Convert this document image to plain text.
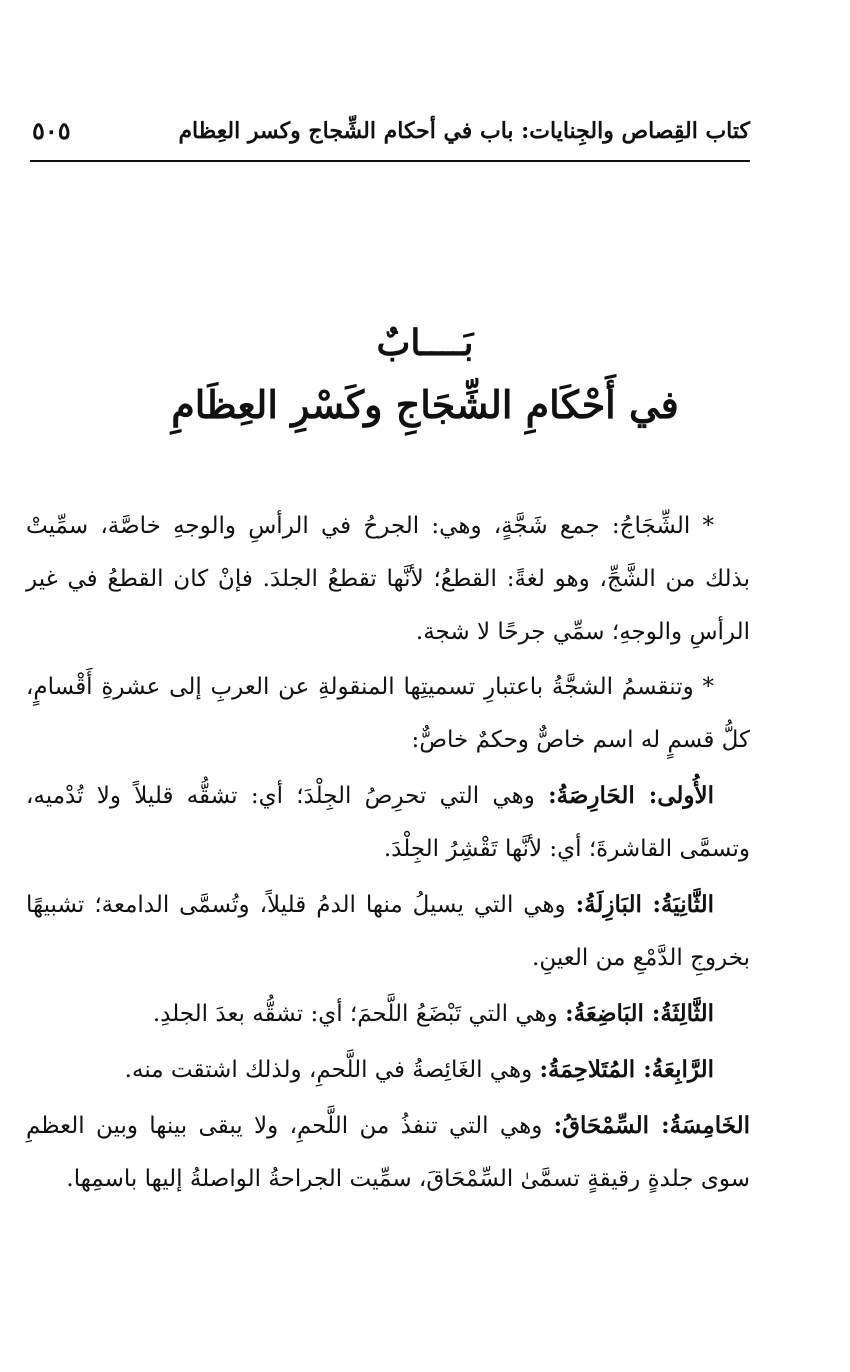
كتاب القِصاص والجِنايات: باب في أحكام الشِّجاج وكسر العِظام
٥٠٥
بَــــابٌ
في أَحْكَامِ الشِّجَاجِ وكَسْرِ العِظَامِ

* الشِّجَاجُ: جمع شَجَّةٍ، وهي: الجرحُ في الرأسِ والوجهِ خاصَّة، سمِّيتْ بذلك من الشَّجِّ، وهو لغةً: القطعُ؛ لأنَّها تقطعُ الجلدَ. فإنْ كان القطعُ في غير الرأسِ والوجهِ؛ سمِّي جرحًا لا شجة.

* وتنقسمُ الشجَّةُ باعتبارِ تسميتِها المنقولةِ عن العربِ إلى عشرةِ أَقْسامٍ، كلُّ قسمٍ له اسم خاصٌّ وحكمٌ خاصٌّ:

الأُولى: الحَارِصَةُ: وهي التي تحرِصُ الجِلْدَ؛ أي: تشقُّه قليلاً ولا تُدْميه، وتسمَّى القاشرةَ؛ أي: لأنَّها تَقْشِرُ الجِلْدَ.

الثَّانِيَةُ: البَازِلَةُ: وهي التي يسيلُ منها الدمُ قليلاً، وتُسمَّى الدامعة؛ تشبيهًا بخروجِ الدَّمْعِ من العينِ.

الثَّالِثَةُ: البَاضِعَةُ: وهي التي تَبْضَعُ اللَّحمَ؛ أي: تشقُّه بعدَ الجلدِ.

الرَّابِعَةُ: المُتَلاحِمَةُ: وهي الغَائِصةُ في اللَّحمِ، ولذلك اشتقت منه.

الخَامِسَةُ: السِّمْحَاقُ: وهي التي تنفذُ من اللَّحمِ، ولا يبقى بينها وبين العظمِ سوى جلدةٍ رقيقةٍ تسمَّىٰ السِّمْحَاقَ، سمِّيت الجراحةُ الواصلةُ إليها باسمِها.
